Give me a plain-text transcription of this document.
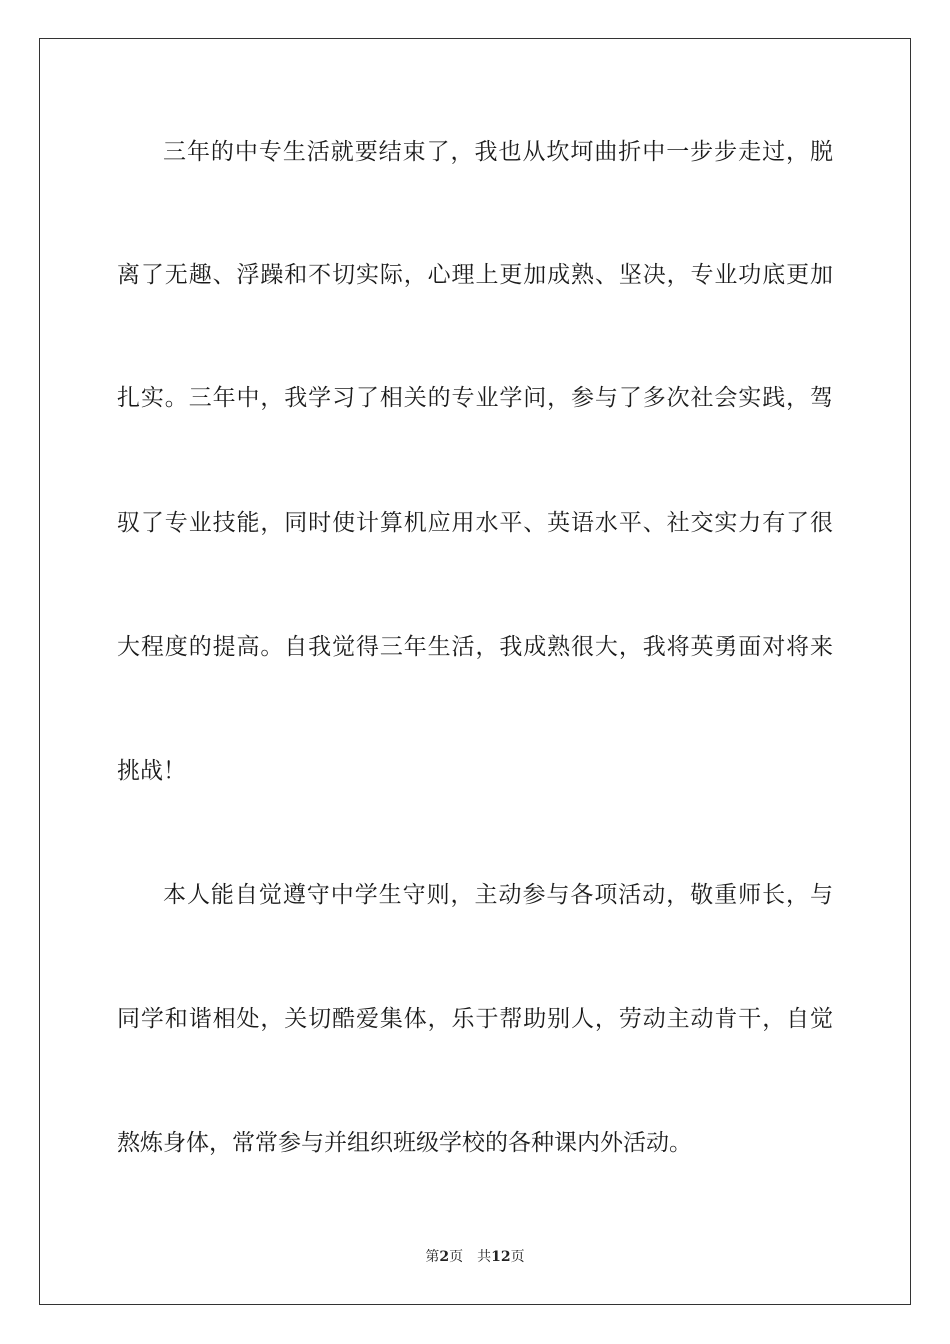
三年的中专生活就要结束了，我也从坎坷曲折中一步步走过，脱
离了无趣、浮躁和不切实际，心理上更加成熟、坚决，专业功底更加
扎实。三年中，我学习了相关的专业学问，参与了多次社会实践，驾
驭了专业技能，同时使计算机应用水平、英语水平、社交实力有了很
大程度的提高。自我觉得三年生活，我成熟很大，我将英勇面对将来
挑战！
本人能自觉遵守中学生守则，主动参与各项活动，敬重师长，与
同学和谐相处，关切酷爱集体，乐于帮助别人，劳动主动肯干，自觉
熬炼身体，常常参与并组织班级学校的各种课内外活动。
第2页 共12页
